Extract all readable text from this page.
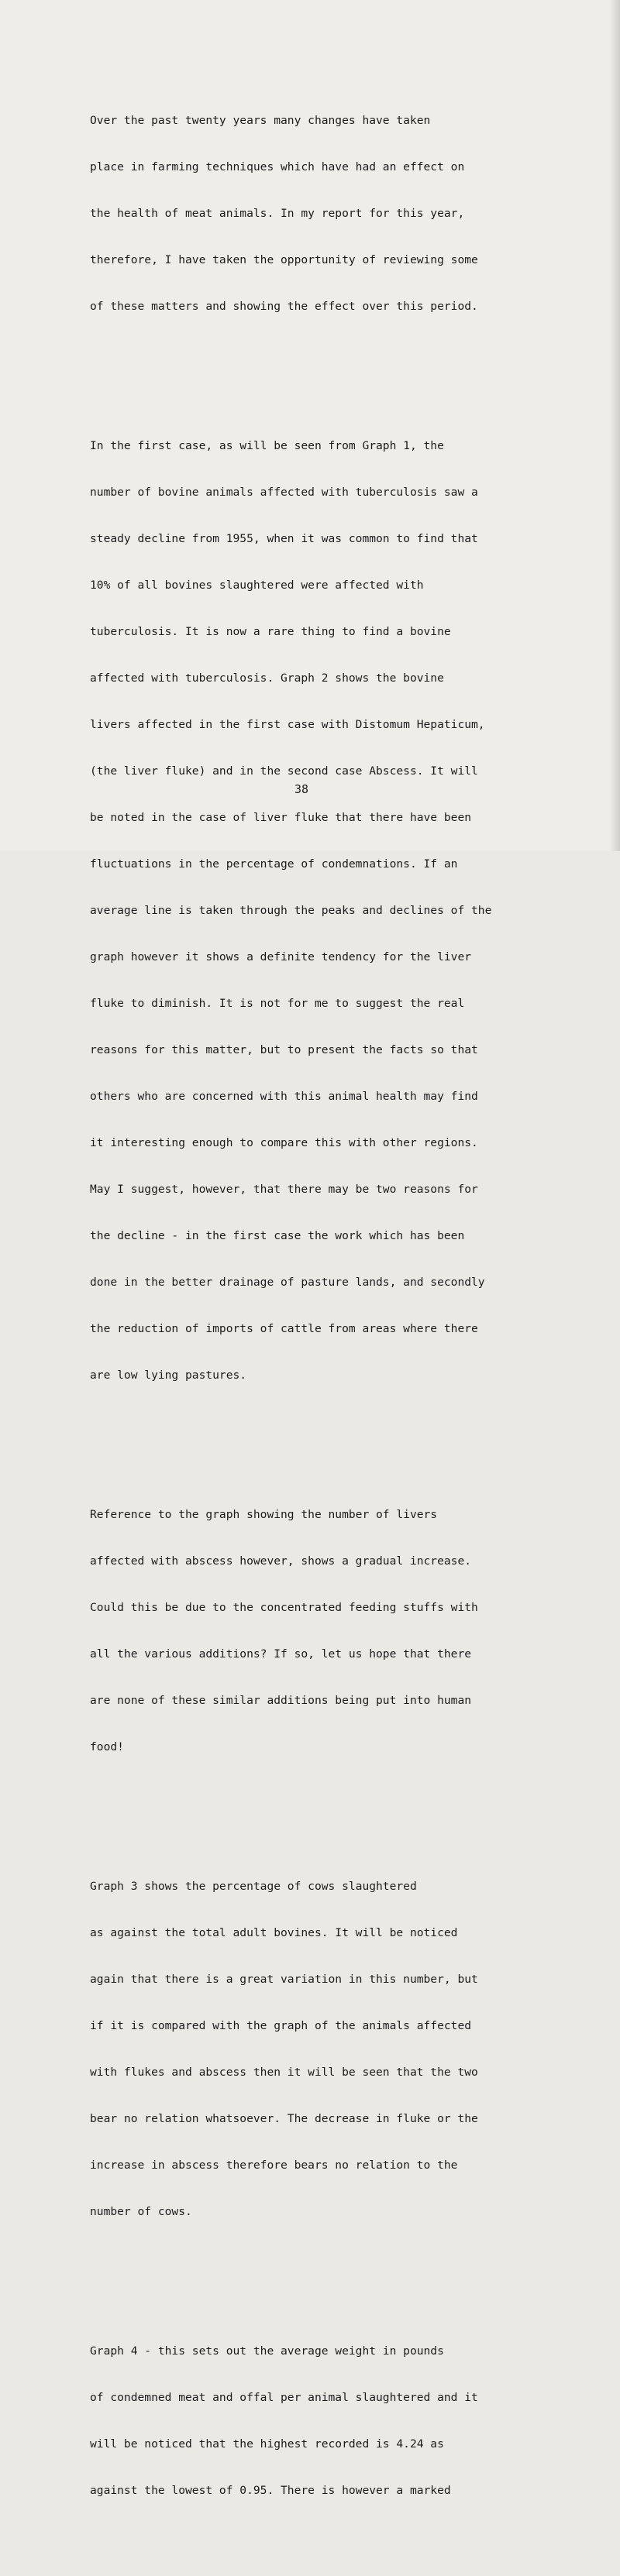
Over the past twenty years many changes have taken

place in farming techniques which have had an effect on

the health of meat animals. In my report for this year,

therefore, I have taken the opportunity of reviewing some

of these matters and showing the effect over this period.

In the first case, as will be seen from Graph 1, the

number of bovine animals affected with tuberculosis saw a

steady decline from 1955, when it was common to find that

10% of all bovines slaughtered were affected with

tuberculosis. It is now a rare thing to find a bovine

affected with tuberculosis. Graph 2 shows the bovine

livers affected in the first case with Distomum Hepaticum,

(the liver fluke) and in the second case Abscess. It will

be noted in the case of liver fluke that there have been

fluctuations in the percentage of condemnations. If an

average line is taken through the peaks and declines of the

graph however it shows a definite tendency for the liver

fluke to diminish. It is not for me to suggest the real

reasons for this matter, but to present the facts so that

others who are concerned with this animal health may find

it interesting enough to compare this with other regions.

May I suggest, however, that there may be two reasons for

the decline - in the first case the work which has been

done in the better drainage of pasture lands, and secondly

the reduction of imports of cattle from areas where there

are low lying pastures.

Reference to the graph showing the number of livers

affected with abscess however, shows a gradual increase.

Could this be due to the concentrated feeding stuffs with

all the various additions? If so, let us hope that there

are none of these similar additions being put into human

food!

Graph 3 shows the percentage of cows slaughtered

as against the total adult bovines. It will be noticed

again that there is a great variation in this number, but

if it is compared with the graph of the animals affected

with flukes and abscess then it will be seen that the two

bear no relation whatsoever. The decrease in fluke or the

increase in abscess therefore bears no relation to the

number of cows.

Graph 4 - this sets out the average weight in pounds

of condemned meat and offal per animal slaughtered and it

will be noticed that the highest recorded is 4.24 as

against the lowest of 0.95. There is however a marked

38
